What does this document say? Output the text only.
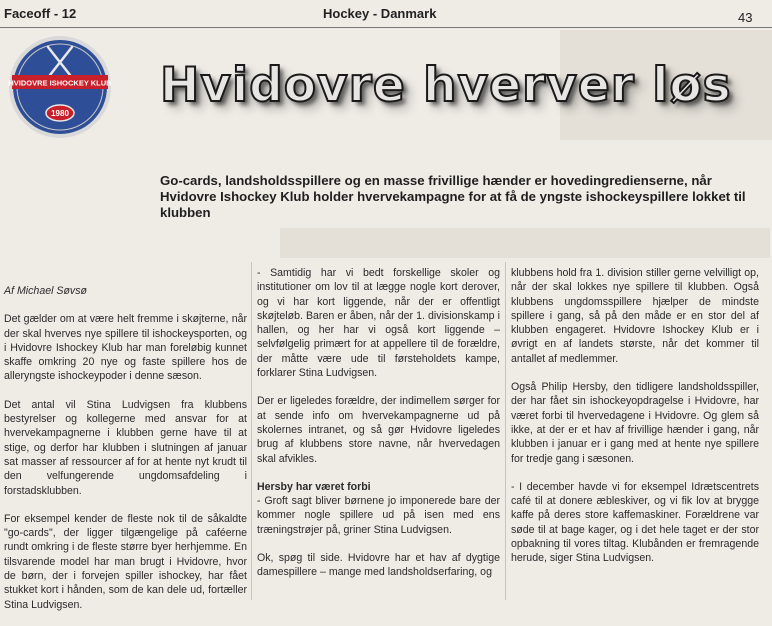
Faceoff - 12	Hockey - Danmark	43
HVIDOVRE ISHOCKEY KLUB
1980
Hvidovre hverver løs
Go-cards, landsholdsspillere og en masse frivillige hænder er hovedingredienserne, når Hvidovre Ishockey Klub holder hvervekampagne for at få de yngste ishockeyspillere lokket til klubben

Af Michael Søvsø

Det gælder om at være helt fremme i skøjterne, når der skal hverves nye spillere til ishockeysporten, og i Hvidovre Ishockey Klub har man foreløbig kunnet skaffe omkring 20 nye og faste spillere hos de alleryngste ishockeypoder i denne sæson.

Det antal vil Stina Ludvigsen fra klubbens bestyrelser og kollegerne med ansvar for at hvervekampagnerne i klubben gerne have til at stige, og derfor har klubben i slutningen af januar sat masser af ressourcer af for at hente nyt krudt til den velfungerende ungdomsafdeling i forstadsklubben.

For eksempel kender de fleste nok til de såkaldte "go-cards", der ligger tilgængelige på caféerne rundt omkring i de fleste større byer herhjemme. En tilsvarende model har man brugt i Hvidovre, hvor de børn, der i forvejen spiller ishockey, har fået stukket kort i hånden, som de kan dele ud, fortæller Stina Ludvigsen.

- Samtidig har vi bedt forskellige skoler og institutioner om lov til at lægge nogle kort derover, og vi har kort liggende, når der er offentligt skøjteløb. Baren er åben, når der 1. divisionskamp i hallen, og her har vi også kort liggende – selvfølgelig primært for at appellere til de forældre, der måtte være ude til førsteholdets kampe, forklarer Stina Ludvigsen.

Der er ligeledes forældre, der indimellem sørger for at sende info om hvervekampagnerne ud på skolernes intranet, og så gør Hvidovre ligeledes brug af klubbens store navne, når hvervedagen skal afvikles.

Hersby har været forbi

- Groft sagt bliver børnene jo imponerede bare der kommer nogle spillere ud på isen med ens træningstrøjer på, griner Stina Ludvigsen.

Ok, spøg til side. Hvidovre har et hav af dygtige damespillere – mange med landsholdserfaring, og

klubbens hold fra 1. division stiller gerne velvilligt op, når der skal lokkes nye spillere til klubben. Også klubbens ungdomsspillere hjælper de mindste spillere i gang, så på den måde er en stor del af klubben engageret. Hvidovre Ishockey Klub er i øvrigt en af landets største, når det kommer til antallet af medlemmer.

Også Philip Hersby, den tidligere landsholdsspiller, der har fået sin ishockeyopdragelse i Hvidovre, har været forbi til hvervedagene i Hvidovre. Og glem så ikke, at der er et hav af frivillige hænder i gang, når klubben i januar er i gang med at hente nye spillere for tredje gang i sæsonen.

- I december havde vi for eksempel Idrætscentrets café til at donere æbleskiver, og vi fik lov at brygge kaffe på deres store kaffemaskiner. Forældrene var søde til at bage kager, og i det hele taget er der stor opbakning til vores tiltag. Klubånden er fremragende herude, siger Stina Ludvigsen.
